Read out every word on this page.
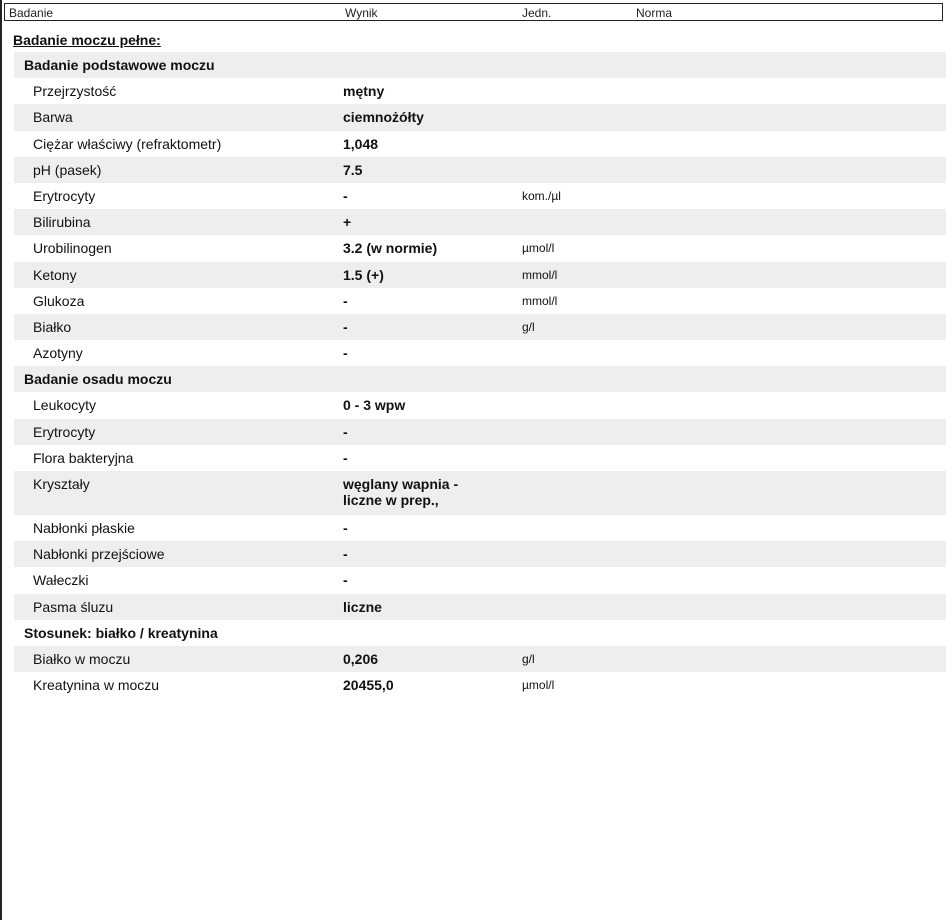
Badanie	Wynik	Jedn.	Norma
Badanie moczu pełne:
Badanie podstawowe moczu
Przejrzystość	mętny
Barwa	ciemnożółty
Ciężar właściwy (refraktometr)	1,048
pH (pasek)	7.5
Erytrocyty	-	kom./µl
Bilirubina	+
Urobilinogen	3.2 (w normie)	µmol/l
Ketony	1.5 (+)	mmol/l
Glukoza	-	mmol/l
Białko	-	g/l
Azotyny	-
Badanie osadu moczu
Leukocyty	0 - 3 wpw
Erytrocyty	-
Flora bakteryjna	-
Kryształy	węglany wapnia -
liczne w prep.,
Nabłonki płaskie	-
Nabłonki przejściowe	-
Wałeczki	-
Pasma śluzu	liczne
Stosunek: białko / kreatynina
Białko w moczu	0,206	g/l
Kreatynina w moczu	20455,0	µmol/l
